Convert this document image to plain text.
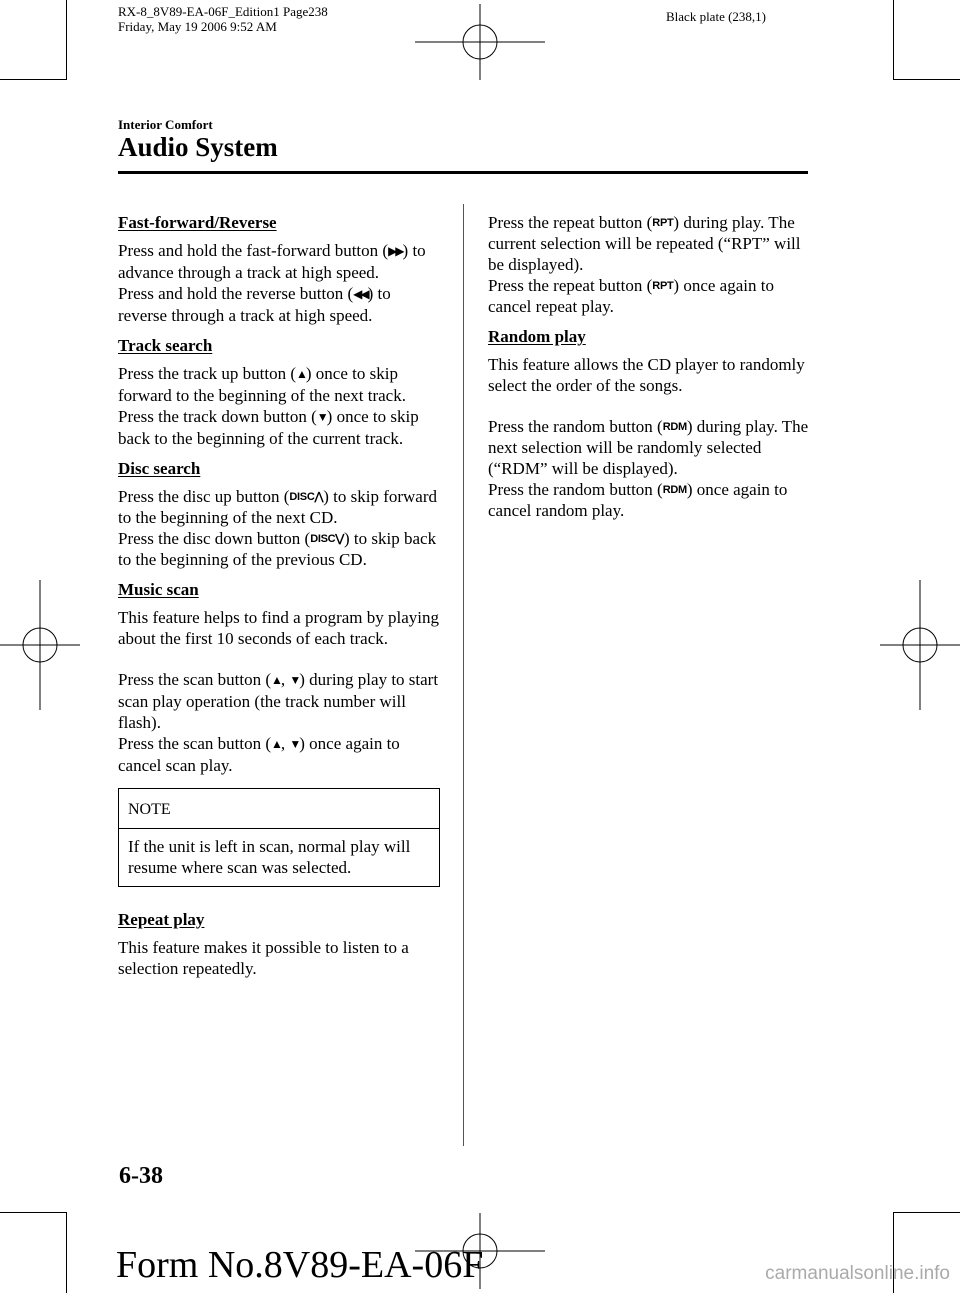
RX-8_8V89-EA-06F_Edition1 Page238
Friday, May 19 2006 9:52 AM
Black plate (238,1)
Interior Comfort
Audio System
Fast-forward/Reverse

Press and hold the fast-forward button (▶▶) to advance through a track at high speed.
Press and hold the reverse button (◀◀) to reverse through a track at high speed.

Track search

Press the track up button (▲) once to skip forward to the beginning of the next track.
Press the track down button (▼) once to skip back to the beginning of the current track.

Disc search

Press the disc up button (DISC⋀) to skip forward to the beginning of the next CD.
Press the disc down button (DISC⋁) to skip back to the beginning of the previous CD.

Music scan

This feature helps to find a program by playing about the first 10 seconds of each track.

Press the scan button (▲, ▼) during play to start scan play operation (the track number will flash).
Press the scan button (▲, ▼) once again to cancel scan play.

NOTE
If the unit is left in scan, normal play will resume where scan was selected.
Repeat play

This feature makes it possible to listen to a selection repeatedly.

Press the repeat button (RPT) during play. The current selection will be repeated (“RPT” will be displayed).
Press the repeat button (RPT) once again to cancel repeat play.

Random play

This feature allows the CD player to randomly select the order of the songs.

Press the random button (RDM) during play. The next selection will be randomly selected (“RDM” will be displayed).
Press the random button (RDM) once again to cancel random play.

6-38
Form No.8V89-EA-06F	carmanualsonline.info
